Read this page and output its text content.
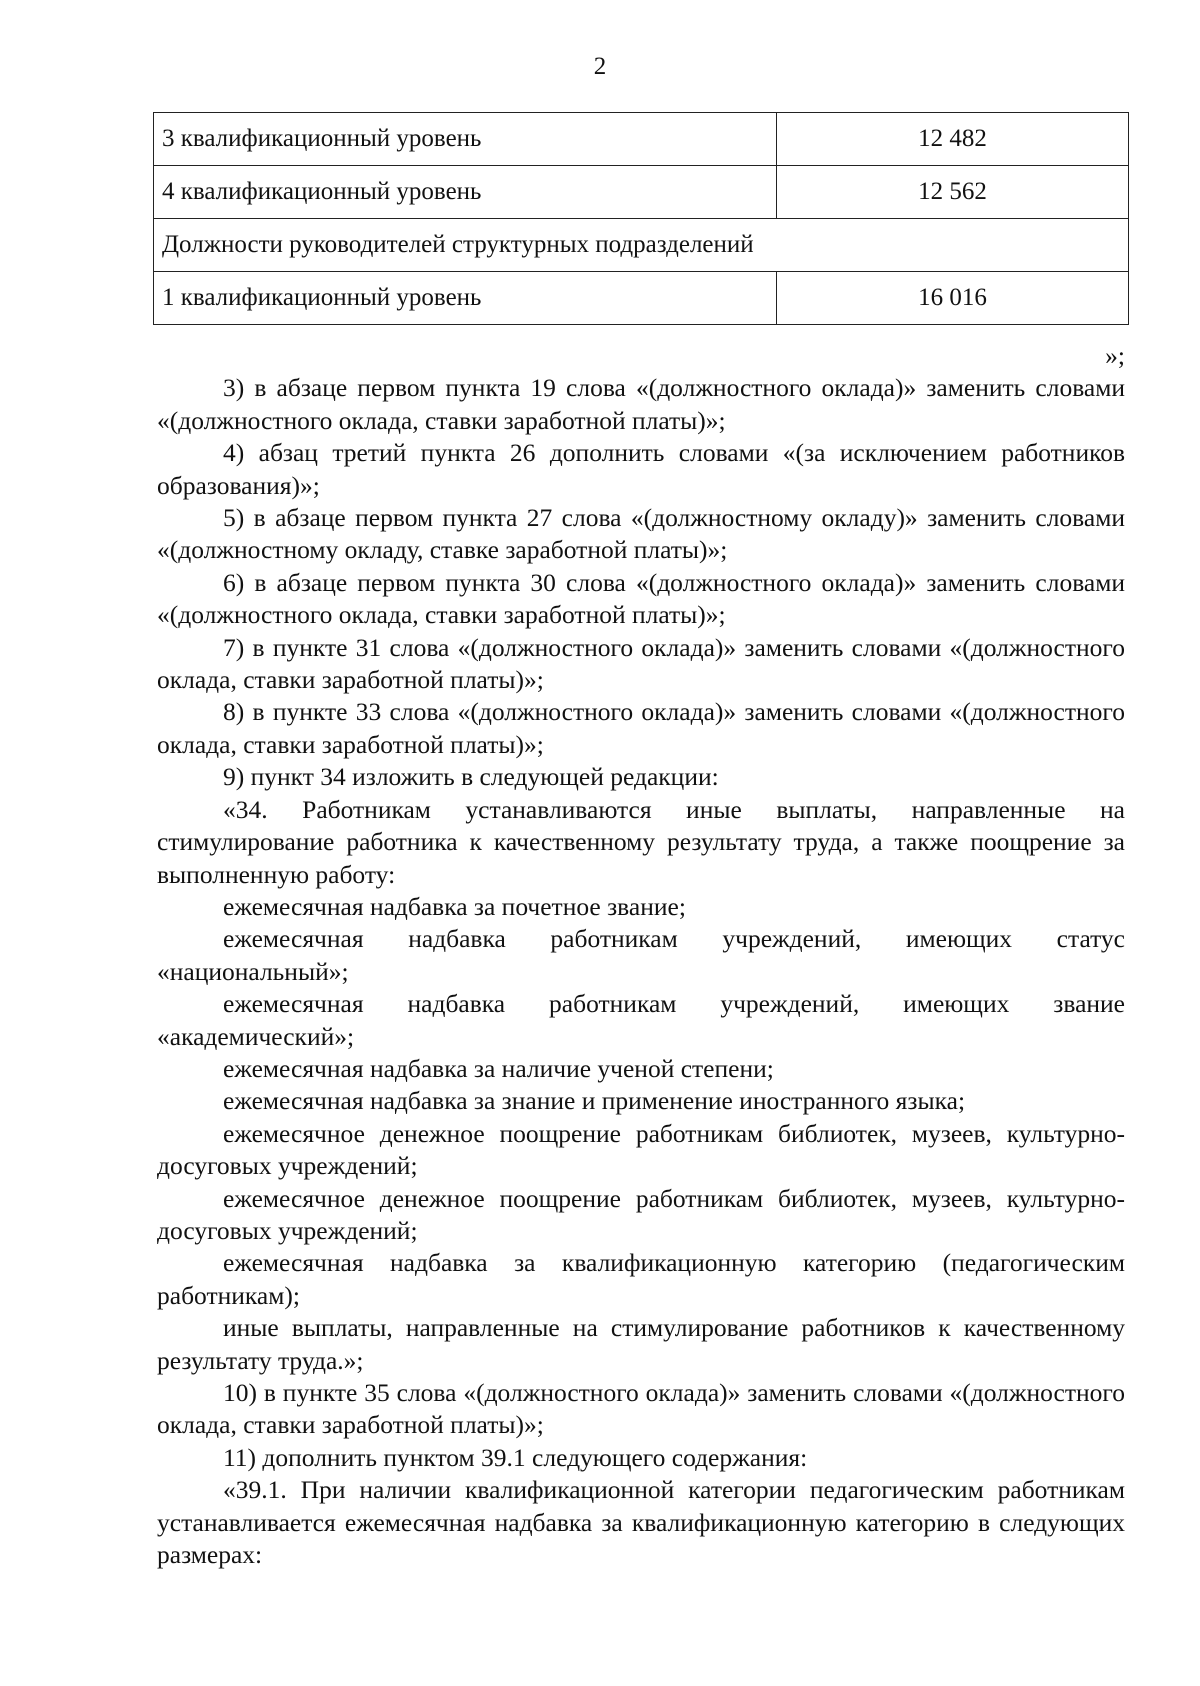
2
3 квалификационный уровень	12 482
4 квалификационный уровень	12 562
Должности руководителей структурных подразделений	
1 квалификационный уровень	16 016

»;

3) в абзаце первом пункта 19 слова «(должностного оклада)» заменить словами «(должностного оклада, ставки заработной платы)»;

4) абзац третий пункта 26 дополнить словами «(за исключением работников образования)»;

5) в абзаце первом пункта 27 слова «(должностному окладу)» заменить словами «(должностному окладу, ставке заработной платы)»;

6) в абзаце первом пункта 30 слова «(должностного оклада)» заменить словами «(должностного оклада, ставки заработной платы)»;

7) в пункте 31 слова «(должностного оклада)» заменить словами «(должностного оклада, ставки заработной платы)»;

8) в пункте 33 слова «(должностного оклада)» заменить словами «(должностного оклада, ставки заработной платы)»;

9) пункт 34 изложить в следующей редакции:

«34. Работникам устанавливаются иные выплаты, направленные на стимулирование работника к качественному результату труда, а также поощрение за выполненную работу:

ежемесячная надбавка за почетное звание;

ежемесячная надбавка работникам учреждений, имеющих статус «национальный»;

ежемесячная надбавка работникам учреждений, имеющих звание «академический»;

ежемесячная надбавка за наличие ученой степени;

ежемесячная надбавка за знание и применение иностранного языка;

ежемесячное денежное поощрение работникам библиотек, музеев, культурно-досуговых учреждений;

ежемесячное денежное поощрение работникам библиотек, музеев, культурно-досуговых учреждений;

ежемесячная надбавка за квалификационную категорию (педагогическим работникам);

иные выплаты, направленные на стимулирование работников к качественному результату труда.»;

10) в пункте 35 слова «(должностного оклада)» заменить словами «(должностного оклада, ставки заработной платы)»;

11) дополнить пунктом 39.1 следующего содержания:

«39.1. При наличии квалификационной категории педагогическим работникам устанавливается ежемесячная надбавка за квалификационную категорию в следующих размерах:
